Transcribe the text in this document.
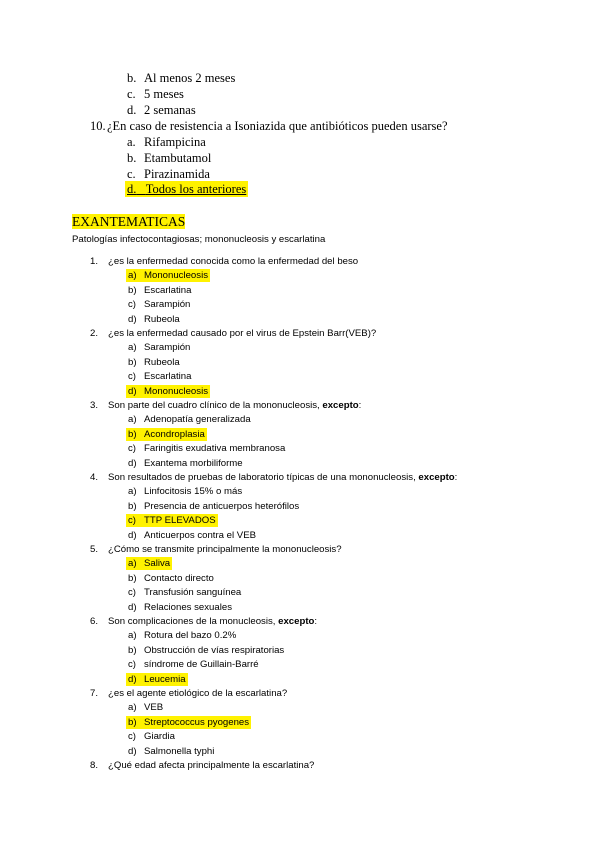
b. Al menos 2 meses
c. 5 meses
d. 2 semanas
10. ¿En caso de resistencia a Isoniazida que antibióticos pueden usarse?
a. Rifampicina
b. Etambutamol
c. Pirazinamida
d. Todos los anteriores
EXANTEMATICAS
Patologías infectocontagiosas; mononucleosis y escarlatina
1. ¿es la enfermedad conocida como la enfermedad del beso
a) Mononucleosis
b) Escarlatina
c) Sarampión
d) Rubeola
2. ¿es la enfermedad causado por el virus de Epstein Barr(VEB)?
a) Sarampión
b) Rubeola
c) Escarlatina
d) Mononucleosis
3. Son parte del cuadro clínico de la mononucleosis, excepto:
a) Adenopatía generalizada
b) Acondroplasia
c) Faringitis exudativa membranosa
d) Exantema morbiliforme
4. Son resultados de pruebas de laboratorio típicas de una mononucleosis, excepto:
a) Linfocitosis 15% o más
b) Presencia de anticuerpos heterófilos
c) TTP ELEVADOS
d) Anticuerpos contra el VEB
5. ¿Cómo se transmite principalmente la mononucleosis?
a) Saliva
b) Contacto directo
c) Transfusión sanguínea
d) Relaciones sexuales
6. Son complicaciones de la monucleosis, excepto:
a) Rotura del bazo 0.2%
b) Obstrucción de vías respiratorias
c) síndrome de Guillain-Barré
d) Leucemia
7. ¿es el agente etiológico de la escarlatina?
a) VEB
b) Streptococcus pyogenes
c) Giardia
d) Salmonella typhi
8. ¿Qué edad afecta principalmente la escarlatina?
